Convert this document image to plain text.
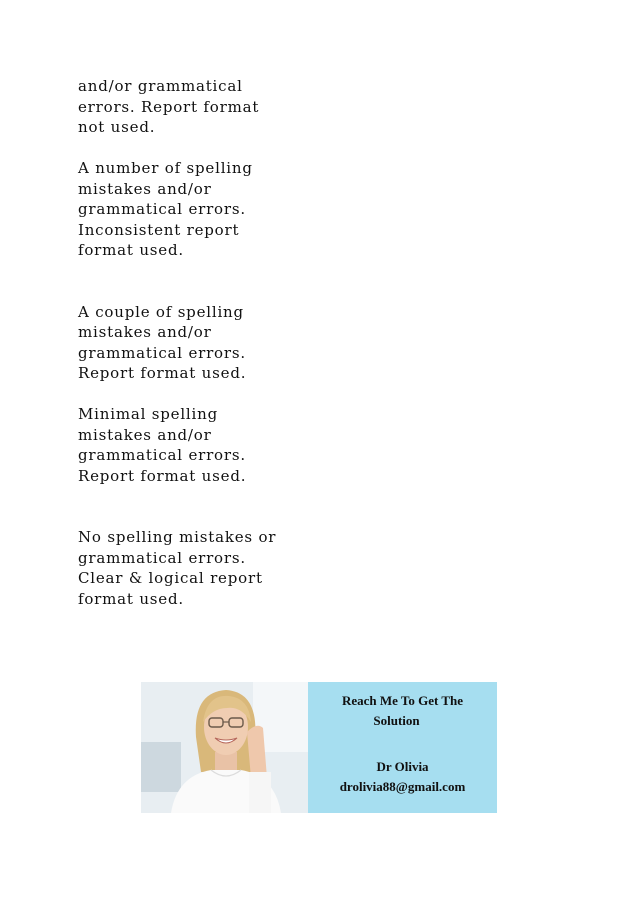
and/or grammatical
errors. Report format
not used.
A number of spelling
mistakes and/or
grammatical errors.
Inconsistent report
format used.
A couple of spelling
mistakes and/or
grammatical errors.
Report format used.
Minimal spelling
mistakes and/or
grammatical errors.
Report format used.
No spelling mistakes or
grammatical errors.
Clear & logical report
format used.
Reach Me To Get The
Solution
Dr Olivia
drolivia88@gmail.com
